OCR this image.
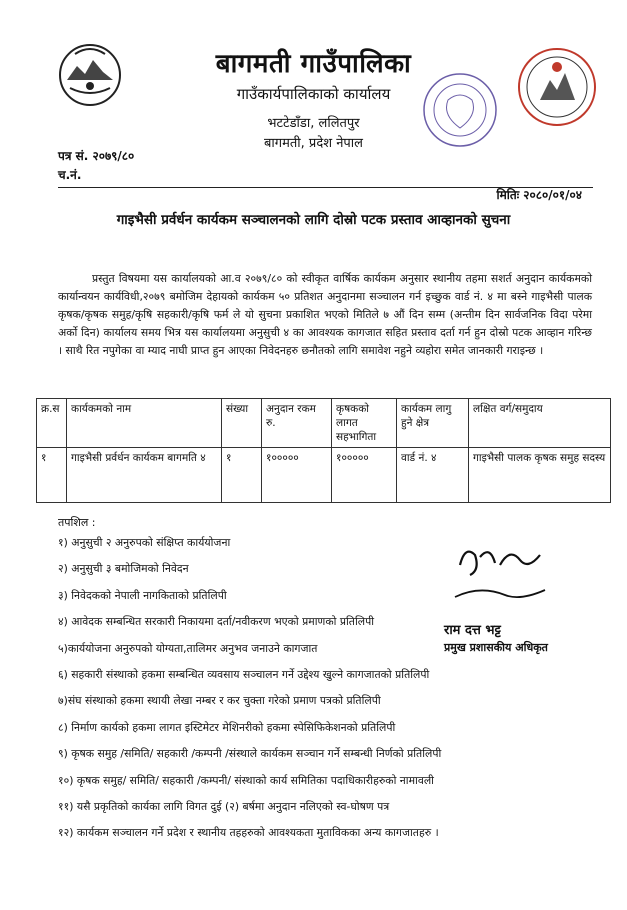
बागमती गाउँपालिका
गाउँकार्यपालिकाको कार्यालय
भटटेडाँडा, ललितपुर
बागमती, प्रदेश नेपाल
पत्र सं. २०७९/८०
च.नं.
मितिः २०८०/०१/०४
गाइभैसी प्रर्वर्धन कार्यकम सञ्चालनको लागि दोस्रो पटक प्रस्ताव आव्हानको सुचना
प्रस्तुत विषयमा यस कार्यालयको आ.व २०७९/८० को स्वीकृत वार्षिक कार्यकम अनुसार स्थानीय तहमा सशर्त अनुदान कार्यकमको कार्यान्वयन कार्यविधी,२०७९ बमोजिम देहायको कार्यकम ५० प्रतिशत अनुदानमा सञ्चालन गर्न इच्छुक वार्ड नं. ४ मा बस्ने गाइभैसी पालक कृषक/कृषक समुह/कृषि सहकारी/कृषि फर्म ले यो सुचना प्रकाशित भएको मितिले ७ औं दिन सम्म (अन्तीम दिन सार्वजनिक विदा परेमा अर्को दिन) कार्यालय समय भित्र यस कार्यालयमा अनुसुची ४ का आवश्यक कागजात सहित प्रस्ताव दर्ता गर्न हुन दोस्रो पटक आव्हान गरिन्छ । साथै रित नपुगेका वा म्याद नाघी प्राप्त हुन आएका निवेदनहरु छनौतको लागि समावेश नहुने व्यहोरा समेत जानकारी गराइन्छ ।
क्र.स	कार्यकमको नाम	संख्या	अनुदान रकम रु.	कृषकको लागत सहभागिता	कार्यकम लागु हुने क्षेत्र	लक्षित वर्ग/समुदाय
१	गाइभैसी प्रर्वर्धन कार्यकम बागमति ४	१	१०००००	१०००००	वार्ड नं. ४	गाइभैसी पालक कृषक समुह सदस्य
तपशिल :
१) अनुसुची २ अनुरुपको संक्षिप्त कार्ययोजना
२) अनुसुची ३ बमोजिमको निवेदन
३) निवेदकको नेपाली नागकिताको प्रतिलिपी
४) आवेदक सम्बन्धित सरकारी निकायमा दर्ता/नवीकरण भएको प्रमाणको प्रतिलिपी
५)कार्ययोजना अनुरुपको योग्यता,तालिमर अनुभव जनाउने कागजात
६) सहकारी संस्थाको हकमा सम्बन्धित व्यवसाय सञ्चालन गर्ने उद्देश्य खुल्ने कागजातको प्रतिलिपी
७)संघ संस्थाको हकमा स्थायी लेखा नम्बर र कर चुक्ता गरेको प्रमाण पत्रको प्रतिलिपी
८) निर्माण कार्यको हकमा लागत इस्टिमेटर मेशिनरीको हकमा स्पेसिफिकेशनको प्रतिलिपी
९) कृषक समुह /समिति/ सहकारी /कम्पनी /संस्थाले कार्यकम सञ्चान गर्ने सम्बन्धी निर्णको प्रतिलिपी
१०) कृषक समुह/ समिति/ सहकारी /कम्पनी/ संस्थाको कार्य समितिका पदाधिकारीहरुको नामावली
११) यसै प्रकृतिको कार्यका लागि विगत दुई (२) बर्षमा अनुदान नलिएको स्व-घोषण पत्र
१२) कार्यकम सञ्चालन गर्ने प्रदेश र स्थानीय तहहरुको आवश्यकता मुताविकका अन्य कागजातहरु ।
राम दत्त भट्ट
प्रमुख प्रशासकीय अधिकृत
